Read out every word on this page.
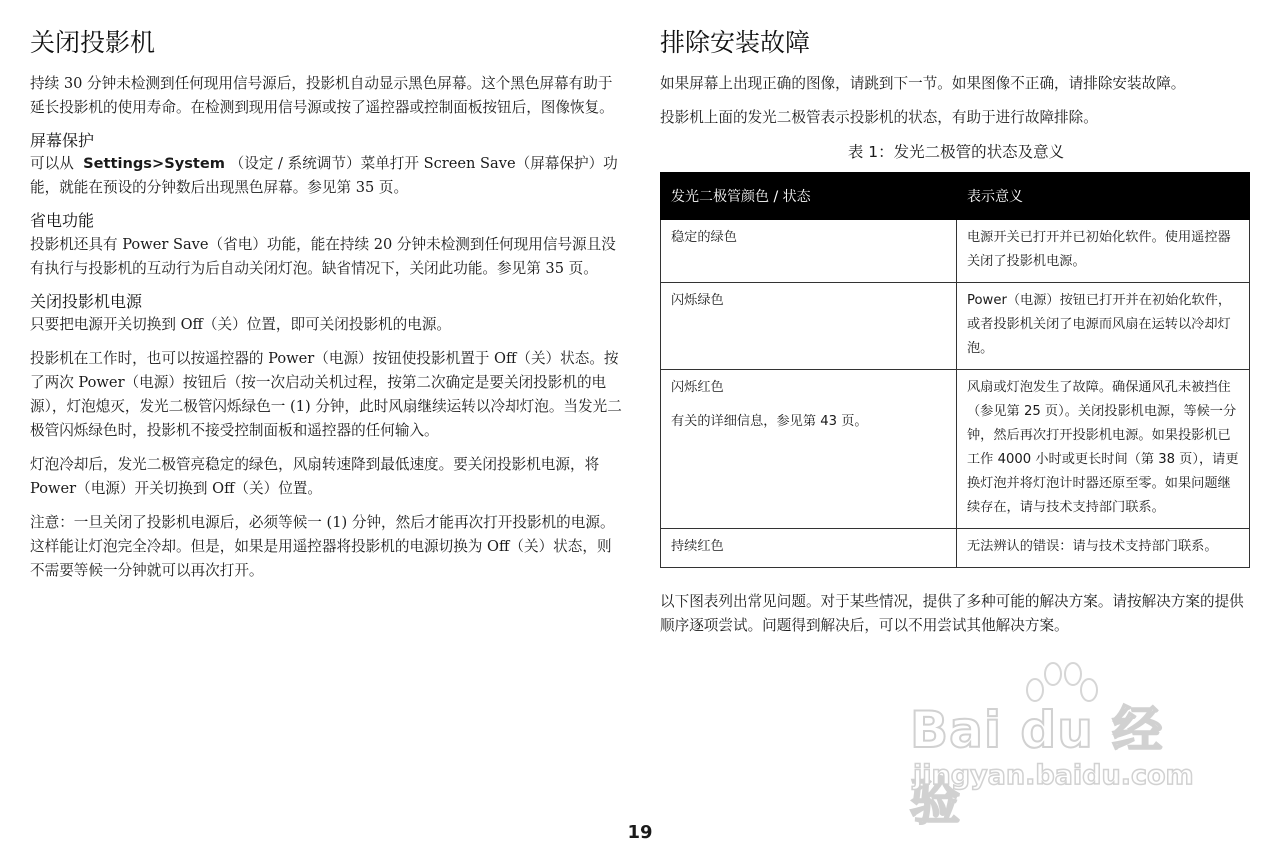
关闭投影机

持续 30 分钟未检测到任何现用信号源后，投影机自动显示黑色屏幕。这个黑色屏幕有助于延长投影机的使用寿命。在检测到现用信号源或按了遥控器或控制面板按钮后，图像恢复。

屏幕保护

可以从 Settings>System （设定 / 系统调节）菜单打开 Screen Save（屏幕保护）功能，就能在预设的分钟数后出现黑色屏幕。参见第 35 页。

省电功能

投影机还具有 Power Save（省电）功能，能在持续 20 分钟未检测到任何现用信号源且没有执行与投影机的互动行为后自动关闭灯泡。缺省情况下，关闭此功能。参见第 35 页。

关闭投影机电源

只要把电源开关切换到 Off（关）位置，即可关闭投影机的电源。

投影机在工作时，也可以按遥控器的 Power（电源）按钮使投影机置于 Off（关）状态。按了两次 Power（电源）按钮后（按一次启动关机过程，按第二次确定是要关闭投影机的电源），灯泡熄灭，发光二极管闪烁绿色一 (1) 分钟，此时风扇继续运转以冷却灯泡。当发光二极管闪烁绿色时，投影机不接受控制面板和遥控器的任何输入。

灯泡冷却后，发光二极管亮稳定的绿色，风扇转速降到最低速度。要关闭投影机电源，将 Power（电源）开关切换到 Off（关）位置。

注意：一旦关闭了投影机电源后，必须等候一 (1) 分钟，然后才能再次打开投影机的电源。这样能让灯泡完全冷却。但是，如果是用遥控器将投影机的电源切换为 Off（关）状态，则不需要等候一分钟就可以再次打开。

排除安装故障

如果屏幕上出现正确的图像，请跳到下一节。如果图像不正确，请排除安装故障。

投影机上面的发光二极管表示投影机的状态，有助于进行故障排除。

表 1：发光二极管的状态及意义
发光二极管颜色 / 状态	表示意义
稳定的绿色	电源开关已打开并已初始化软件。使用遥控器关闭了投影机电源。
闪烁绿色	Power（电源）按钮已打开并在初始化软件，或者投影机关闭了电源而风扇在运转以冷却灯泡。

闪烁红色
有关的详细信息，参见第 43 页。	风扇或灯泡发生了故障。确保通风孔未被挡住（参见第 25 页）。关闭投影机电源，等候一分钟，然后再次打开投影机电源。如果投影机已工作 4000 小时或更长时间（第 38 页），请更换灯泡并将灯泡计时器还原至零。如果问题继续存在，请与技术支持部门联系。
持续红色	无法辨认的错误：请与技术支持部门联系。

以下图表列出常见问题。对于某些情况，提供了多种可能的解决方案。请按解决方案的提供顺序逐项尝试。问题得到解决后，可以不用尝试其他解决方案。

Bai du 经验
jingyan.baidu.com
19
